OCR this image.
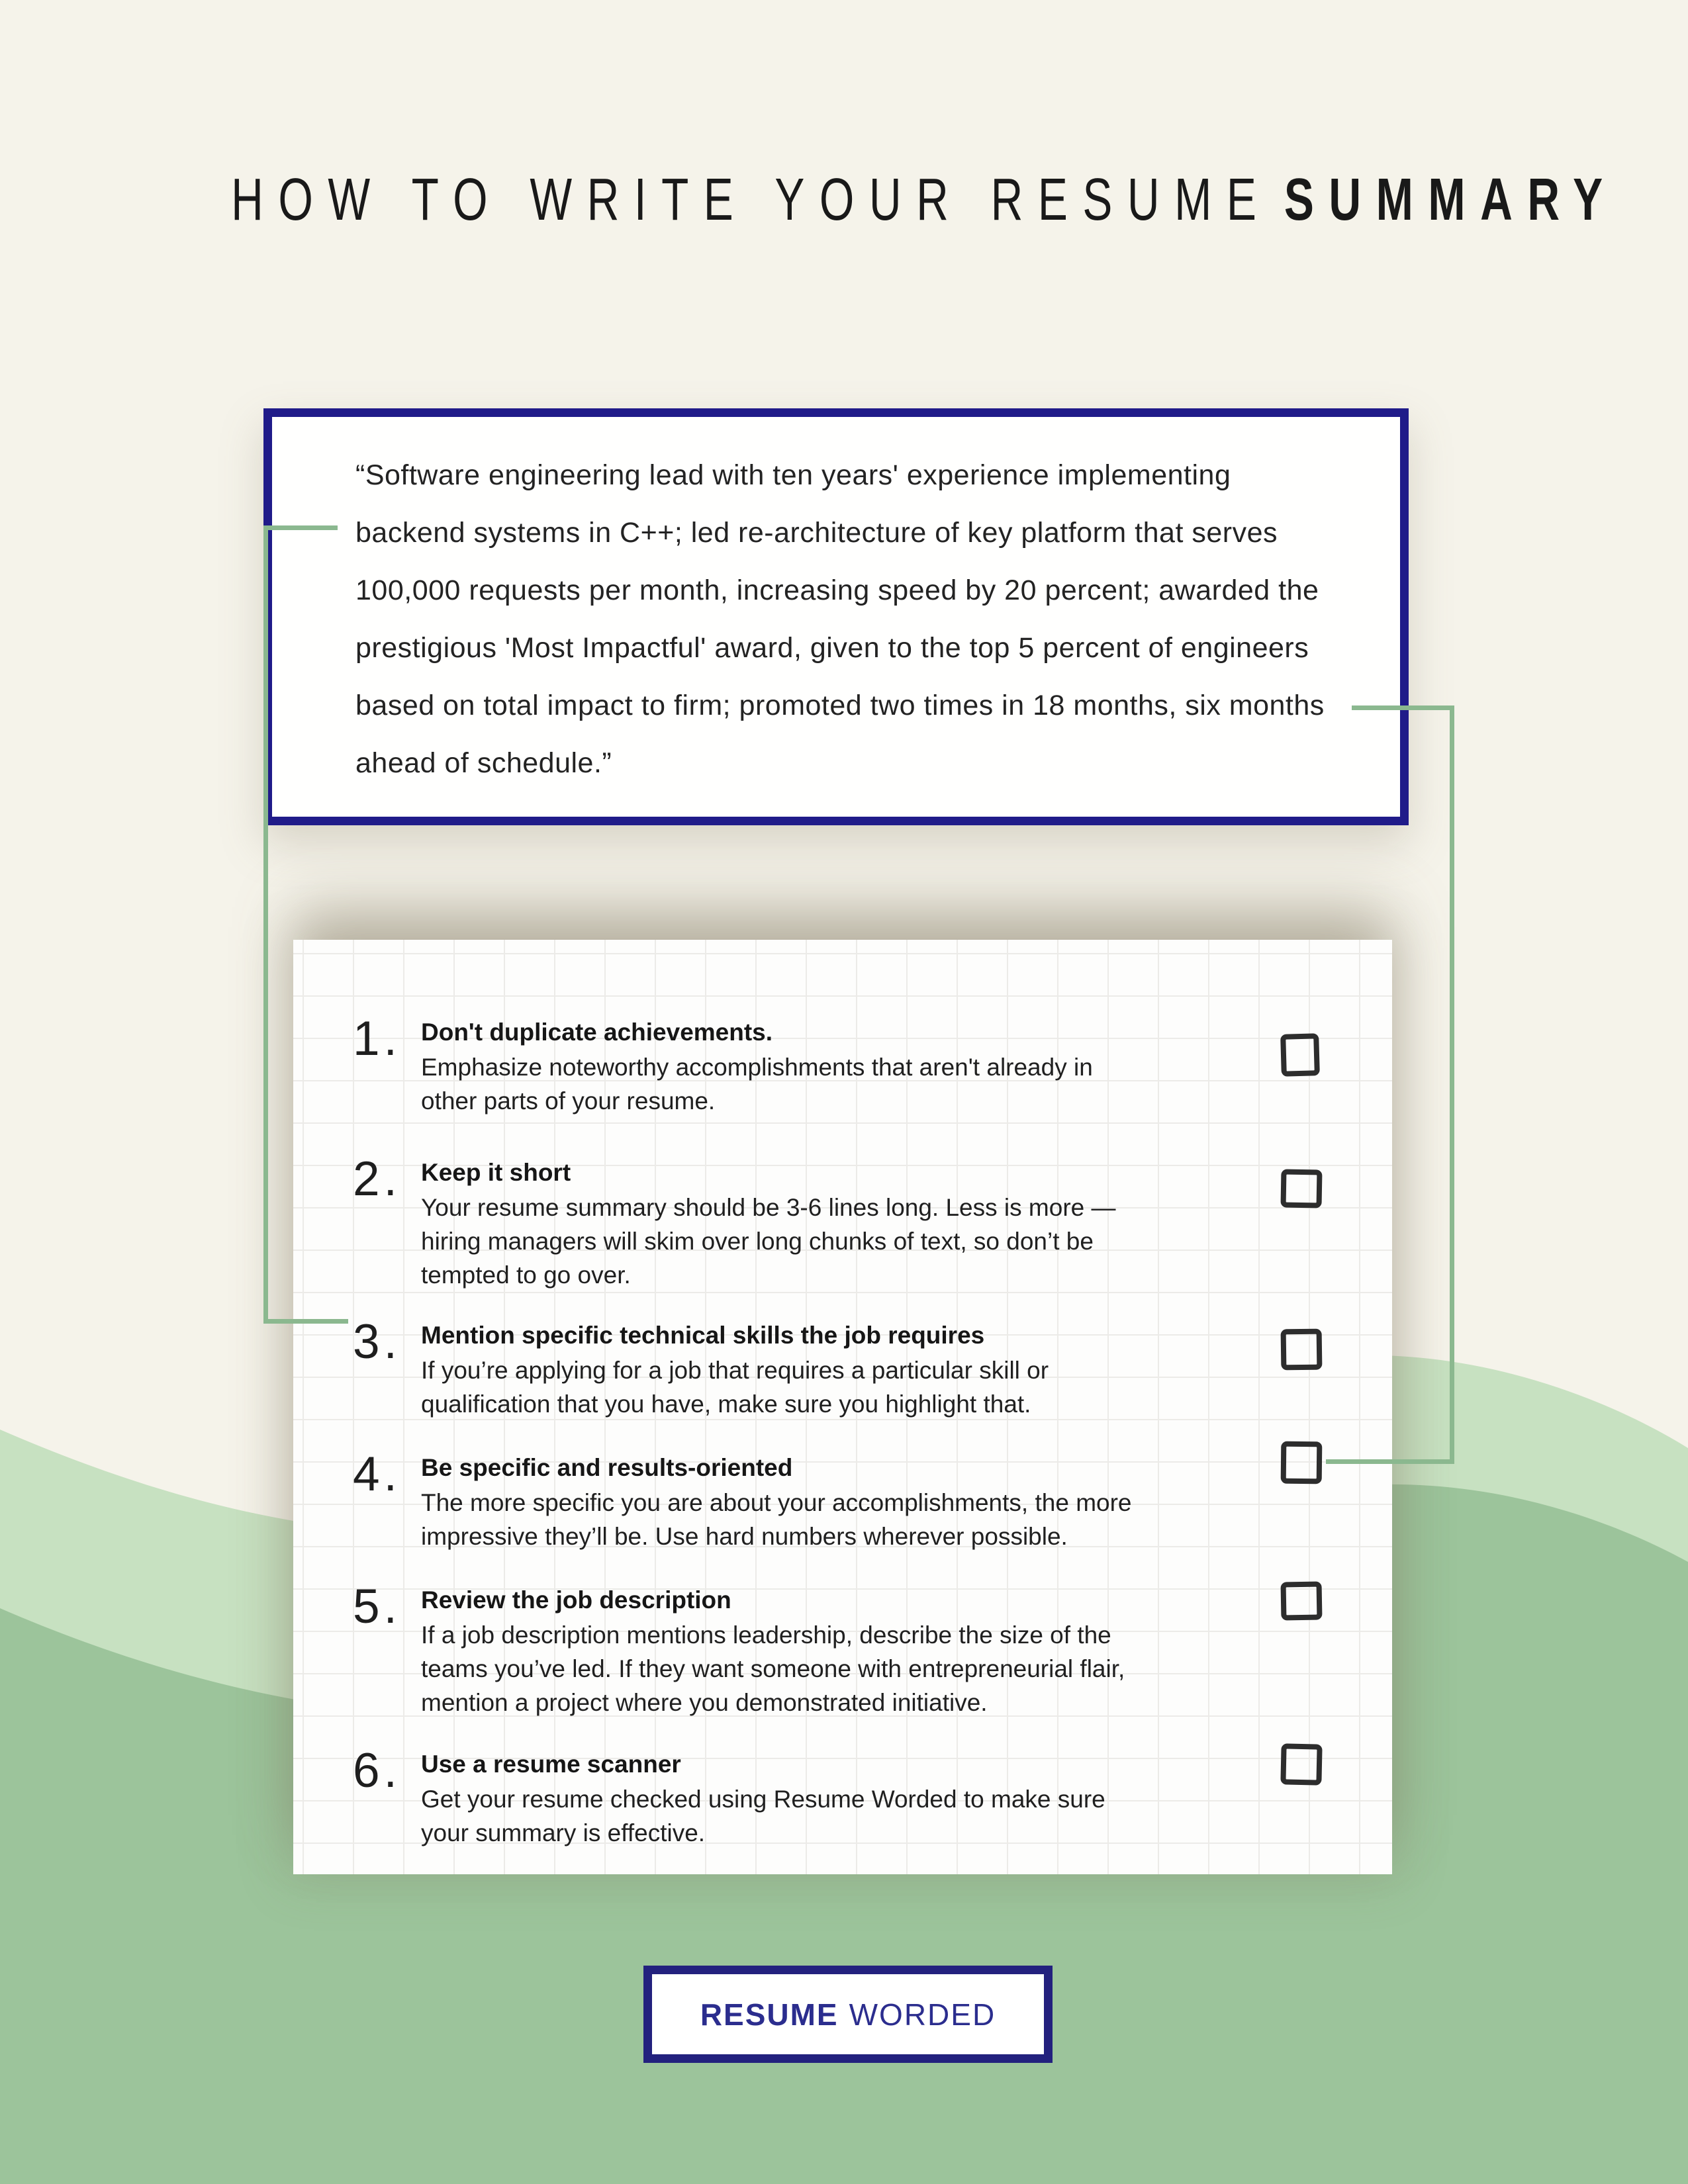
HOW TO WRITE YOUR RESUME SUMMARY
“Software engineering lead with ten years' experience implementing
backend systems in C++; led re-architecture of key platform that serves
100,000 requests per month, increasing speed by 20 percent; awarded the
prestigious 'Most Impactful' award, given to the top 5 percent of engineers
based on total impact to firm; promoted two times in 18 months, six months
ahead of schedule.”
1. Don't duplicate achievements.
Emphasize noteworthy accomplishments that aren't already in
other parts of your resume.
2. Keep it short
Your resume summary should be 3-6 lines long. Less is more —
hiring managers will skim over long chunks of text, so don’t be
tempted to go over.
3. Mention specific technical skills the job requires
If you’re applying for a job that requires a particular skill or
qualification that you have, make sure you highlight that.
4. Be specific and results-oriented
The more specific you are about your accomplishments, the more
impressive they’ll be. Use hard numbers wherever possible.
5. Review the job description
If a job description mentions leadership, describe the size of the
teams you’ve led. If they want someone with entrepreneurial flair,
mention a project where you demonstrated initiative.
6. Use a resume scanner
Get your resume checked using Resume Worded to make sure
your summary is effective.
RESUME WORDED
